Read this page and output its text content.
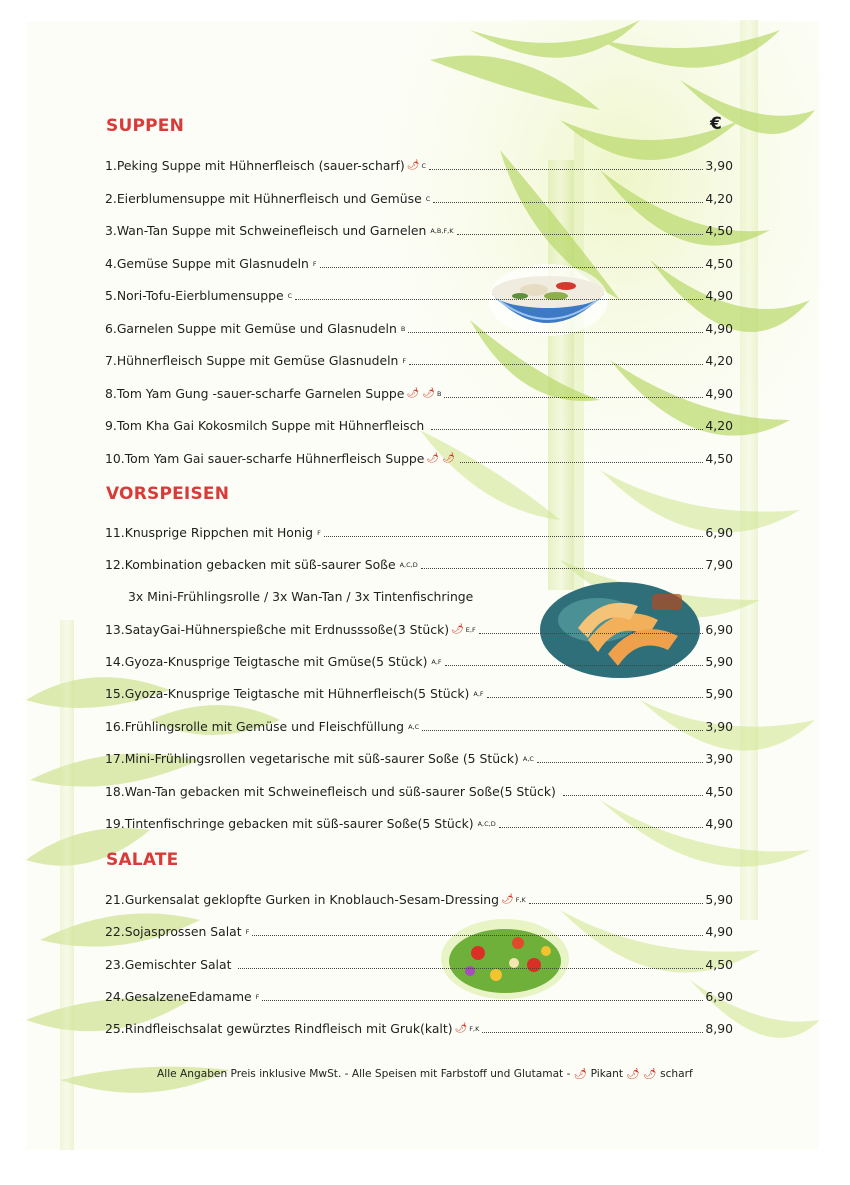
€
SUPPEN
1.Peking Suppe mit Hühnerfleisch (sauer-scharf) 🌶 C	3,90
2.Eierblumensuppe mit Hühnerfleisch und Gemüse C	4,20
3.Wan-Tan Suppe mit Schweinefleisch und Garnelen A,B,F,K	4,50
4.Gemüse Suppe mit Glasnudeln F	4,50
5.Nori-Tofu-Eierblumensuppe C	4,90
6.Garnelen Suppe mit Gemüse und Glasnudeln B	4,90
7.Hühnerfleisch Suppe mit Gemüse Glasnudeln F	4,20
8.Tom Yam Gung -sauer-scharfe Garnelen Suppe 🌶 🌶 B	4,90
9.Tom Kha Gai Kokosmilch Suppe mit Hühnerfleisch	4,20
10.Tom Yam Gai sauer-scharfe Hühnerfleisch Suppe 🌶 🌶	4,50
VORSPEISEN
11.Knusprige Rippchen mit Honig F	6,90
12.Kombination gebacken mit süß-saurer Soße A,C,D	7,90
3x Mini-Frühlingsrolle / 3x Wan-Tan / 3x Tintenfischringe
13.SatayGai-Hühnerspießche mit Erdnusssoße(3 Stück) 🌶 E,F	6,90
14.Gyoza-Knusprige Teigtasche mit Gmüse(5 Stück) A,F	5,90
15.Gyoza-Knusprige Teigtasche mit Hühnerfleisch(5 Stück) A,F	5,90
16.Frühlingsrolle mit Gemüse und Fleischfüllung A,C	3,90
17.Mini-Frühlingsrollen vegetarische mit süß-saurer Soße (5 Stück) A,C	3,90
18.Wan-Tan gebacken mit Schweinefleisch und süß-saurer Soße(5 Stück)	4,50
19.Tintenfischringe gebacken mit süß-saurer Soße(5 Stück) A,C,D	4,90
SALATE
21.Gurkensalat geklopfte Gurken in Knoblauch-Sesam-Dressing 🌶 F,K	5,90
22.Sojasprossen Salat F	4,90
23.Gemischter Salat	4,50
24.GesalzeneEdamame F	6,90
25.Rindfleischsalat gewürztes Rindfleisch mit Gruk(kalt) 🌶 F,K	8,90
Alle Angaben Preis inklusive MwSt. - Alle Speisen mit Farbstoff und Glutamat - 🌶 Pikant 🌶 🌶 scharf
